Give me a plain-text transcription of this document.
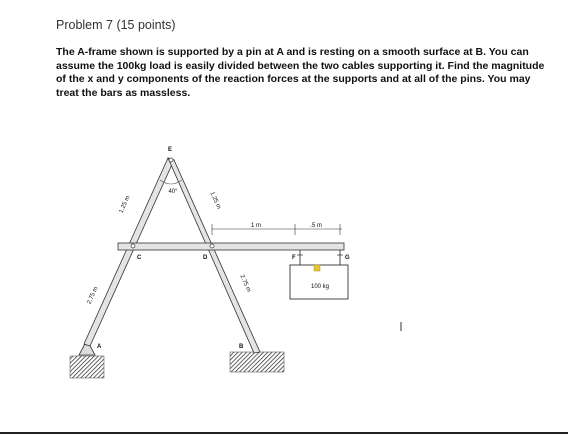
Problem 7 (15 points)
The A-frame shown is supported by a pin at A and is resting on a smooth surface at B. You can assume the 100kg load is easily divided between the two cables supporting it. Find the magnitude of the x and y components of the reaction forces at the supports and at all of the pins. You may treat the bars as massless.
1 m	.5 m
100 kg
40°
1.25 m
2.75 m
1.25 m
2.75 m
E
C	D	F	G
A	B
